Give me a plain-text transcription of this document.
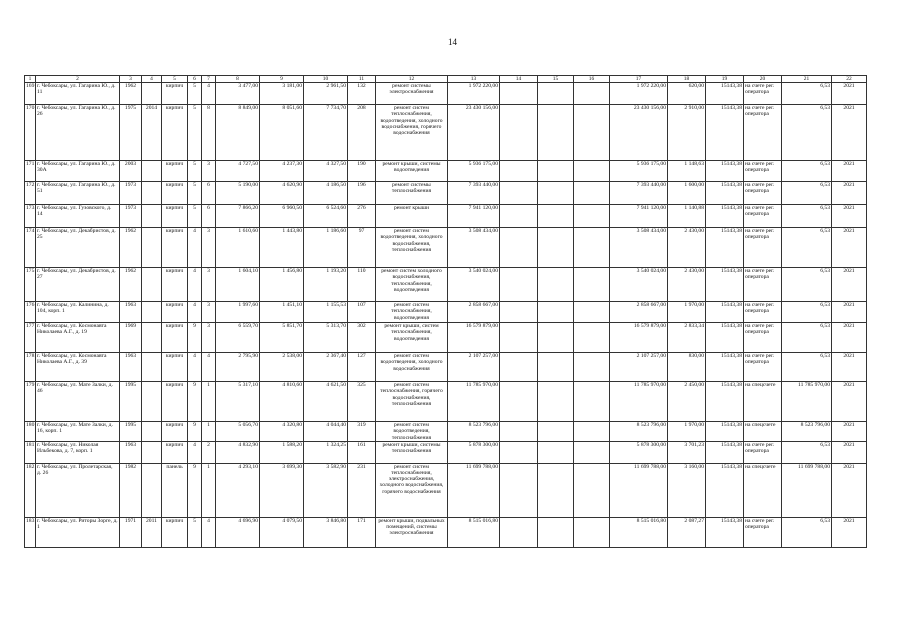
14
1	2	3	4	5	6	7	8	9	10	11	12	13	14	15	16	17	18	19	20	21	22
169	г. Чебоксары, ул. Гагарина Ю., д. 11	1962		кирпич	5	4	3 477,00	3 181,00	2 961,50	132	ремонт системы электроснабжения	1 972 220,00				1 972 220,00	620,00	15143,38	на счете рег. оператора	6,53	2021
170	г. Чебоксары, ул. Гагарина Ю., д. 26	1975	2014	кирпич	5	8	8 849,00	8 051,60	7 734,70	208	ремонт систем теплоснабжения, водоотведения, холодного водоснабжения, горячего водоснабжения	23 430 156,00				23 430 156,00	2 910,00	15143,38	на счете рег. оператора	6,53	2021
171	г. Чебоксары, ул. Гагарина Ю., д. 30А	2003		кирпич	5	3	4 727,50	4 237,30	4 327,50	190	ремонт крыши, системы водоотведения	5 936 175,00				5 936 175,00	1 148,63	15143,38	на счете рег. оператора	6,53	2021
172	г. Чебоксары, ул. Гагарина Ю., д. 51	1973		кирпич	5	6	5 190,00	4 620,90	4 186,50	196	ремонт системы теплоснабжения	7 393 440,00				7 393 440,00	1 600,00	15143,38	на счете рег. оператора	6,53	2021
173	г. Чебоксары, ул. Гузовского, д. 14	1973		кирпич	5	6	7 866,20	6 960,50	6 524,60	276	ремонт крыши	7 941 120,00				7 941 120,00	1 140,88	15143,38	на счете рег. оператора	6,53	2021
174	г. Чебоксары, ул. Декабристов, д. 25	1962		кирпич	4	3	1 610,60	1 443,80	1 186,60	97	ремонт систем водоотведения, холодного водоснабжения, теплоснабжения	3 508 434,00				3 508 434,00	2 430,00	15143,38	на счете рег. оператора	6,53	2021
175	г. Чебоксары, ул. Декабристов, д. 27	1962		кирпич	4	3	1 604,10	1 456,80	1 193,20	110	ремонт систем холодного водоснабжения, теплоснабжения, водоотведения	3 540 024,00				3 540 024,00	2 430,00	15143,38	на счете рег. оператора	6,53	2021
176	г. Чебоксары, ул. Калинина, д. 104, корп. 1	1963		кирпич	4	3	1 997,60	1 451,10	1 155,53	107	ремонт систем теплоснабжения, водоотведения	2 858 667,00				2 858 667,00	1 970,00	15143,38	на счете рег. оператора	6,53	2021
177	г. Чебоксары, ул. Космонавта Николаева А.Г., д. 19	1969		кирпич	9	3	6 559,70	5 851,70	5 313,70	302	ремонт крыши, систем теплоснабжения, водоотведения	16 579 879,00				16 579 879,00	2 833,34	15143,38	на счете рег. оператора	6,53	2021
178	г. Чебоксары, ул. Космонавта Николаева А.Г., д. 39	1963		кирпич	4	4	2 795,90	2 538,00	2 367,40	127	ремонт систем водоотведения, холодного водоснабжения	2 107 257,00				2 107 257,00	830,00	15143,38	на счете рег. оператора	6,53	2021
179	г. Чебоксары, ул. Мате Залки, д. 46	1995		кирпич	9	1	5 317,10	4 810,60	4 621,50	325	ремонт систем теплоснабжения, горячего водоснабжения, теплоснабжения	11 785 970,00				11 785 970,00	2 450,00	15143,38	на спецсчете	11 785 970,00	2021
180	г. Чебоксары, ул. Мате Залки, д. 16, корп. 1	1995		кирпич	9	1	5 056,70	4 320,80	4 044,40	319	ремонт систем водоотведения, теплоснабжения	8 523 796,00				8 523 796,00	1 970,00	15143,38	на спецсчете	8 523 796,00	2021
181	г. Чебоксары, ул. Николая Ильбекова, д. 7, корп. 1	1963		кирпич	4	2	4 832,90	1 588,20	1 324,25	161	ремонт крыши, системы теплоснабжения	5 878 300,00				5 878 300,00	3 701,23	15143,38	на счете рег. оператора	6,53	2021
182	г. Чебоксары, ул. Пролетарская, д. 26	1982		панель	9	1	4 293,10	3 699,30	3 582,90	231	ремонт систем теплоснабжения, электроснабжения, холодного водоснабжения, горячего водоснабжения	11 699 788,00				11 699 788,00	3 160,00	15143,38	на спецсчете	11 699 788,00	2021
183	г. Чебоксары, ул. Риторы Зорге, д. 1	1971	2011	кирпич	5	4	4 696,90	4 079,50	3 846,80	171	ремонт крыши, подвальных помещений, системы электроснабжения	8 515 016,80				8 515 016,80	2 087,27	15143,38	на счете рег. оператора	6,53	2021
